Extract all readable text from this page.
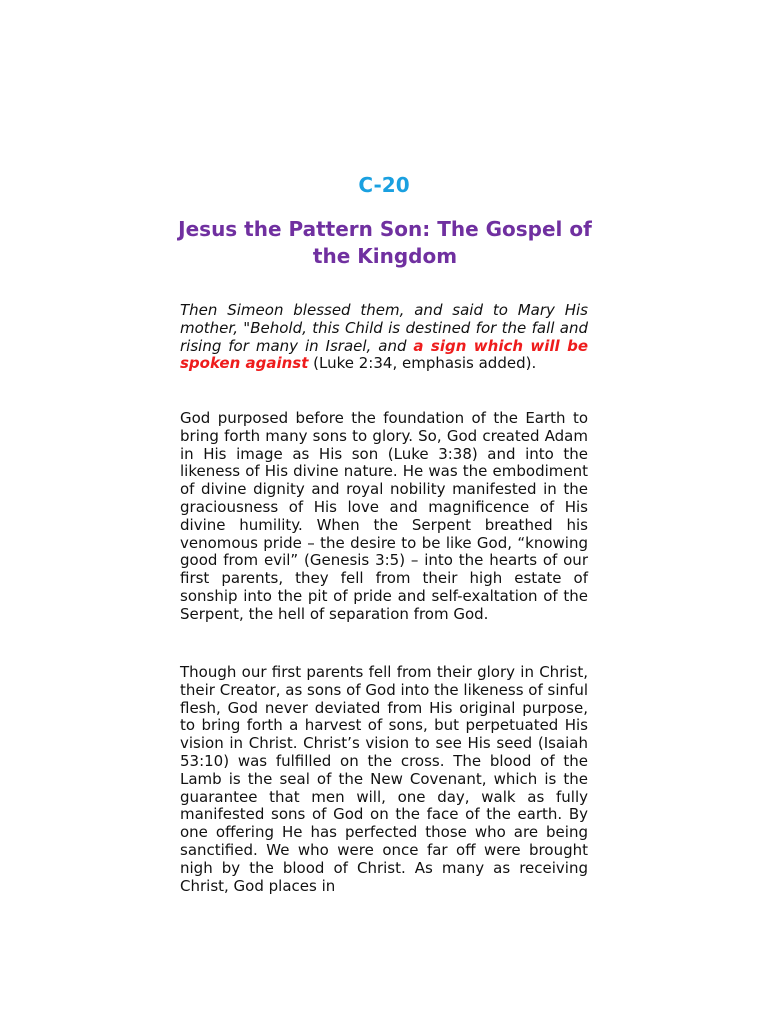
C-20
Jesus the Pattern Son: The Gospel of the Kingdom

Then Simeon blessed them, and said to Mary His mother, "Behold, this Child is destined for the fall and rising for many in Israel, and a sign which will be spoken against (Luke 2:34, emphasis added).

God purposed before the foundation of the Earth to bring forth many sons to glory. So, God created Adam in His image as His son (Luke 3:38) and into the likeness of His divine nature. He was the embodiment of divine dignity and royal nobility manifested in the graciousness of His love and magnificence of His divine humility. When the Serpent breathed his venomous pride – the desire to be like God, “knowing good from evil” (Genesis 3:5) – into the hearts of our first parents, they fell from their high estate of sonship into the pit of pride and self-exaltation of the Serpent, the hell of separation from God.

Though our first parents fell from their glory in Christ, their Creator, as sons of God into the likeness of sinful flesh, God never deviated from His original purpose, to bring forth a harvest of sons, but perpetuated His vision in Christ. Christ’s vision to see His seed (Isaiah 53:10) was fulfilled on the cross. The blood of the Lamb is the seal of the New Covenant, which is the guarantee that men will, one day, walk as fully manifested sons of God on the face of the earth. By one offering He has perfected those who are being sanctified. We who were once far off were brought nigh by the blood of Christ. As many as receiving Christ, God places in
